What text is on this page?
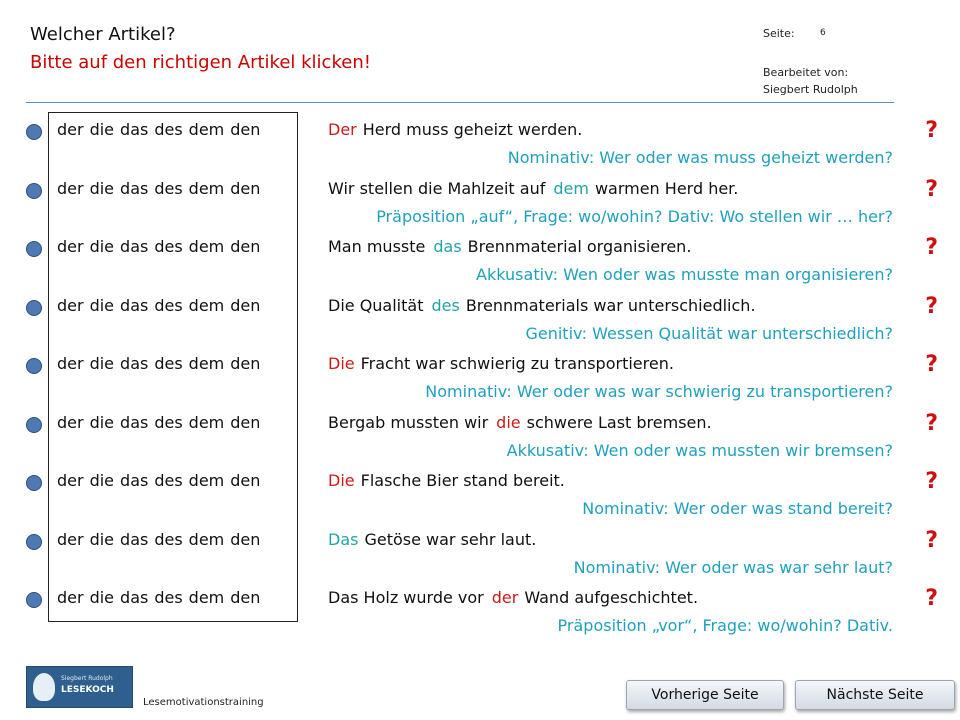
Welcher Artikel?
Bitte auf den richtigen Artikel klicken!
Seite:	6
Bearbeitet von:
Siegbert Rudolph
der die das des dem den	Der Herd muss geheizt werden.
Nominativ: Wer oder was muss geheizt werden?
?
der die das des dem den	Wir stellen die Mahlzeit auf dem warmen Herd her.
Präposition „auf“, Frage: wo/wohin? Dativ: Wo stellen wir … her?
?
der die das des dem den	Man musste das Brennmaterial organisieren.
Akkusativ: Wen oder was musste man organisieren?
?
der die das des dem den	Die Qualität des Brennmaterials war unterschiedlich.
Genitiv: Wessen Qualität war unterschiedlich?
?
der die das des dem den	Die Fracht war schwierig zu transportieren.
Nominativ: Wer oder was war schwierig zu transportieren?
?
der die das des dem den	Bergab mussten wir die schwere Last bremsen.
Akkusativ: Wen oder was mussten wir bremsen?
?
der die das des dem den	Die Flasche Bier stand bereit.
Nominativ: Wer oder was stand bereit?
?
der die das des dem den	Das Getöse war sehr laut.
Nominativ: Wer oder was war sehr laut?
?
der die das des dem den	Das Holz wurde vor der Wand aufgeschichtet.
Präposition „vor“, Frage: wo/wohin? Dativ.
?
Siegbert Rudolph
LESEKOCH
Lesemotivationstraining	Vorherige Seite	Nächste Seite
